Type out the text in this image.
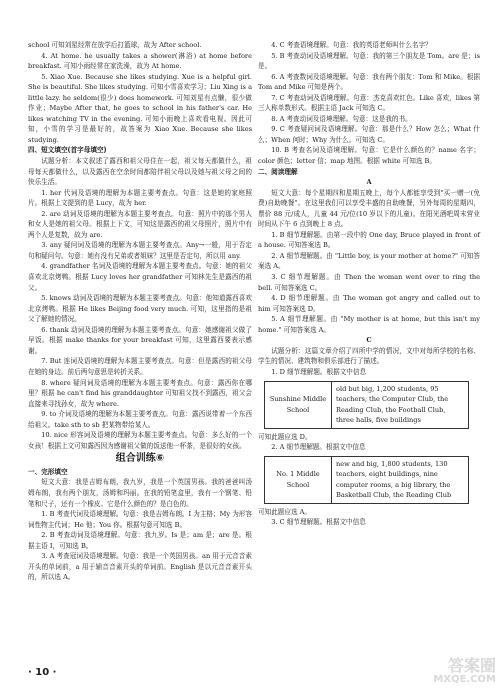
school 可知刘星经常在放学后打篮球，故为 After school.

4. At home. he usually takes a shower(淋浴) at home before breakfast. 可知小雨经常在家洗澡，故为 At home.

5. Xiao Xue. Because she likes studying. Xue is a helpful girl. She is beautiful. She likes studying. 可知小雪喜欢学习；Liu Xing is a little lazy. he seldom(很少) does homework. 可知刘星有点懒，很少做作业；Maybe After that, he goes to school in his father's car. He likes watching TV in the evening. 可知小雨晚上喜欢看电视。因此可知，小雪的学习是最好的，故答案为 Xiao Xue. Because she likes studying.

四、短文填空(首字母填空)

试题分析：本文叙述了露西和祖父母住在一起，祖父每天都做什么，祖母每天都做什么，以及露西在空余时间都陪伴祖父母以及她与祖父母之间的快乐生活。

1. her 代词及语境的理解为本题主要考查点。句意：这是她的家庭照片。根据上文提到的是 Lucy，故为 her.

2. are 动词及语境的理解为本题主要考查点。句意：照片中的那个男人和女人是她的祖父母。根据上下文，可知这是露西的祖父母照片，照片中有两个人是复数，故为 are.

3. any 疑问词及语境的理解为本题主要考查点。Any→一般，用于否定句和疑问句。句意：她有没有兄弟或者姐妹？这里是否定句，所以用 any.

4. grandfather 名词及语境的理解为本题主要考查点。句意：她的祖父喜欢北京烤鸭。根据 Lucy loves her grandfather 可知林先生是露西的祖父。

5. knows 动词及语境的理解为本题主要考查点。句意：他知道露西喜欢北京烤鸭。根据 He likes Beijing food very much. 可知，这里指的是祖父了解她的情况。

6. thank 动词及语境的理解为本题主要考查点。句意：她感谢祖父做了早饭。根据 make thanks for your breakfast 可知，这里露西要表示感谢。

7. But 连词及语境的理解为本题主要考查点。句意：但是露西的祖父母在她的身边。前后两句意思是转折关系。

8. where 疑问词及语境的理解为本题主要考查点。句意：露西你在哪里？根据 he can't find his granddaughter 可知祖父找不到露西，祖父会直接来寻找孙女，故为 where.

9. to 介词及语境的理解为本题主要考查点。句意：露西说带着一个东西给祖父。take sth to sb 把某物带给某人。

10. nice 形容词及语境的理解为本题主要考查点。句意：多么好的一个女孩！根据上文可知露西因为感谢祖父做的饭送他一杯茶，是很好的女孩。

组合训练⑥

一、完形填空

短文大意：我是吉姆布朗，我九岁，我是一个英国男孩。我的爸爸叫汤姆布朗，我有两个朋友，汤姆和玛丽。在我的铅笔盒里，我有一个钢笔、铅笔和尺子，还有一个橡皮。它是什么颜色的？是白色的。

1. B 考查代词及语境理解。句意：我是吉姆布朗。I 为主格；My 为形容词性物主代词；He 他；You 你。根据句意可知选 B。

2. B 考查动词及语境理解。句意：我九岁。Is 是；am 是；are 是。根据主语 I，可知选 B。

3. A 考查冠词及语境理解。句意：我是一个英国男孩。an 用于元音音素开头的单词前，a 用于辅音音素开头的单词前。English 是以元音音素开头的，所以选 A。

4. C 考查语境理解。句意：我的英语老师叫什么名字？

5. B 考查动词及语境理解。句意：我的第三个朋友是 Tom。are 是；is 是。

6. A 考查数词及语境理解。句意：我有两个朋友：Tom 和 Mike。根据 Tom and Mike 可知是两个。

7. C 考查动词及语境理解。句意：杰克喜欢红色。Like 喜欢，likes 第三人称单数形式。根据主语 Jack 可知选 C。

8. A 考查动词及语境理解。句意：这是我的书。

9. C 考查疑问词及语境理解。句意：那是什么？How 怎么；What 什么；When 何时；Why 为什么。可知选 C。

10. B 考查名词及语境理解。句意：它是什么颜色的？name 名字；color 颜色；letter 信；map 地图。根据 white 可知选 B。

二、阅读理解

A

短文大意：每个星期四和星期五晚上，每个人都能享受到"买一赠一(免费)自助晚餐"。在这里我们可以享受丰盛的自助晚餐，另外每周的星期四，票价 88 元/成人，儿童 44 元/位(10 岁以下的儿童)。在阳光酒吧周末营业时间从下午 6 点到晚上 8 点。

1. B 细节理解题。由第一段中的 One day, Bruce played in front of a house. 可知答案选 B。

2. A 细节理解题。由 "Little boy, is your mother at home?" 可知答案选 A。

3. C 细节理解题。由 Then the woman went over to ring the bell. 可知答案选 C。

4. D 细节理解题。由 The woman got angry and called out to him 可知答案选 D。

5. A 细节理解题。由 "My mother is at home, but this isn't my home." 可知答案选 A。

C

试题分析：这篇文章介绍了四所中学的情况，文中对每所学校的名称、学生的情况、建筑物和俱乐部进行了描述。

1. D 细节理解题。根据文中信息

Sunshine Middle School	old but big, 1,200 students, 95 teachers, the Computer Club, the Reading Club, the Football Club, three halls, five buildings

可知此题应选 D。

2. A 细节理解题。根据文中信息

No. 1 Middle School	new and big, 1,800 students, 130 teachers, eight buildings, nine computer rooms, a big library, the Basketball Club, the Reading Club

可知此题应选 A。

3. C 细节理解题。根据文中信息

· 10 ·	答案圈
MXQE.COM
